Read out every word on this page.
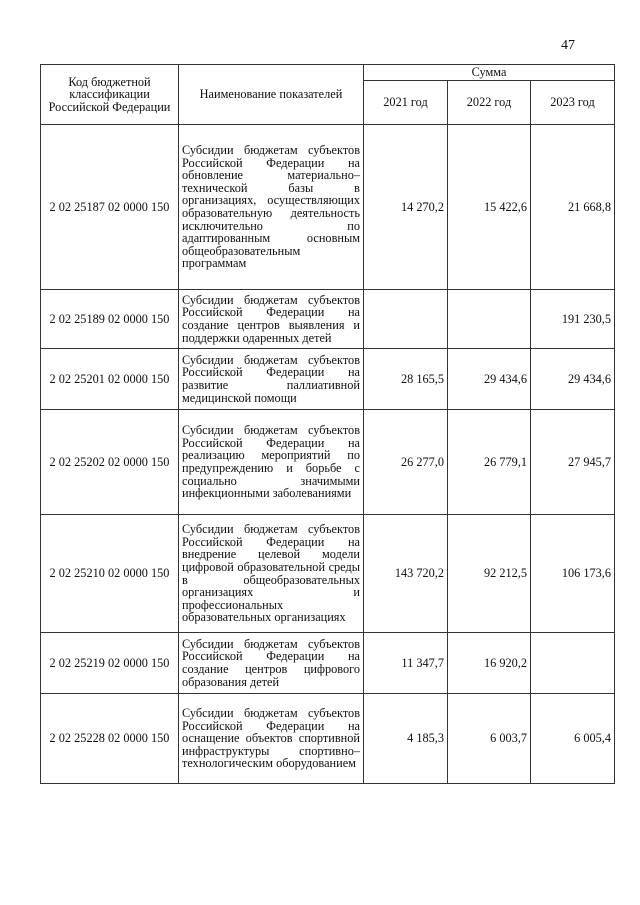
47
Код бюджетной классификации Российской Федерации	Наименование показателей	Сумма		
		2021 год	2022 год	2023 год
2 02 25187 02 0000 150	Субсидии бюджетам субъектов Российской Федерации на обновление материально–технической базы в организациях, осуществляющих образовательную деятельность исключительно по адаптированным основным общеобразовательным программам	14 270,2	15 422,6	21 668,8
2 02 25189 02 0000 150	Субсидии бюджетам субъектов Российской Федерации на создание центров выявления и поддержки одаренных детей			191 230,5
2 02 25201 02 0000 150	Субсидии бюджетам субъектов Российской Федерации на развитие паллиативной медицинской помощи	28 165,5	29 434,6	29 434,6
2 02 25202 02 0000 150	Субсидии бюджетам субъектов Российской Федерации на реализацию мероприятий по предупреждению и борьбе с социально значимыми инфекционными заболеваниями	26 277,0	26 779,1	27 945,7
2 02 25210 02 0000 150	Субсидии бюджетам субъектов Российской Федерации на внедрение целевой модели цифровой образовательной среды в общеобразовательных организациях и профессиональных образовательных организациях	143 720,2	92 212,5	106 173,6
2 02 25219 02 0000 150	Субсидии бюджетам субъектов Российской Федерации на создание центров цифрового образования детей	11 347,7	16 920,2	
2 02 25228 02 0000 150	Субсидии бюджетам субъектов Российской Федерации на оснащение объектов спортивной инфраструктуры спортивно–технологическим оборудованием	4 185,3	6 003,7	6 005,4
